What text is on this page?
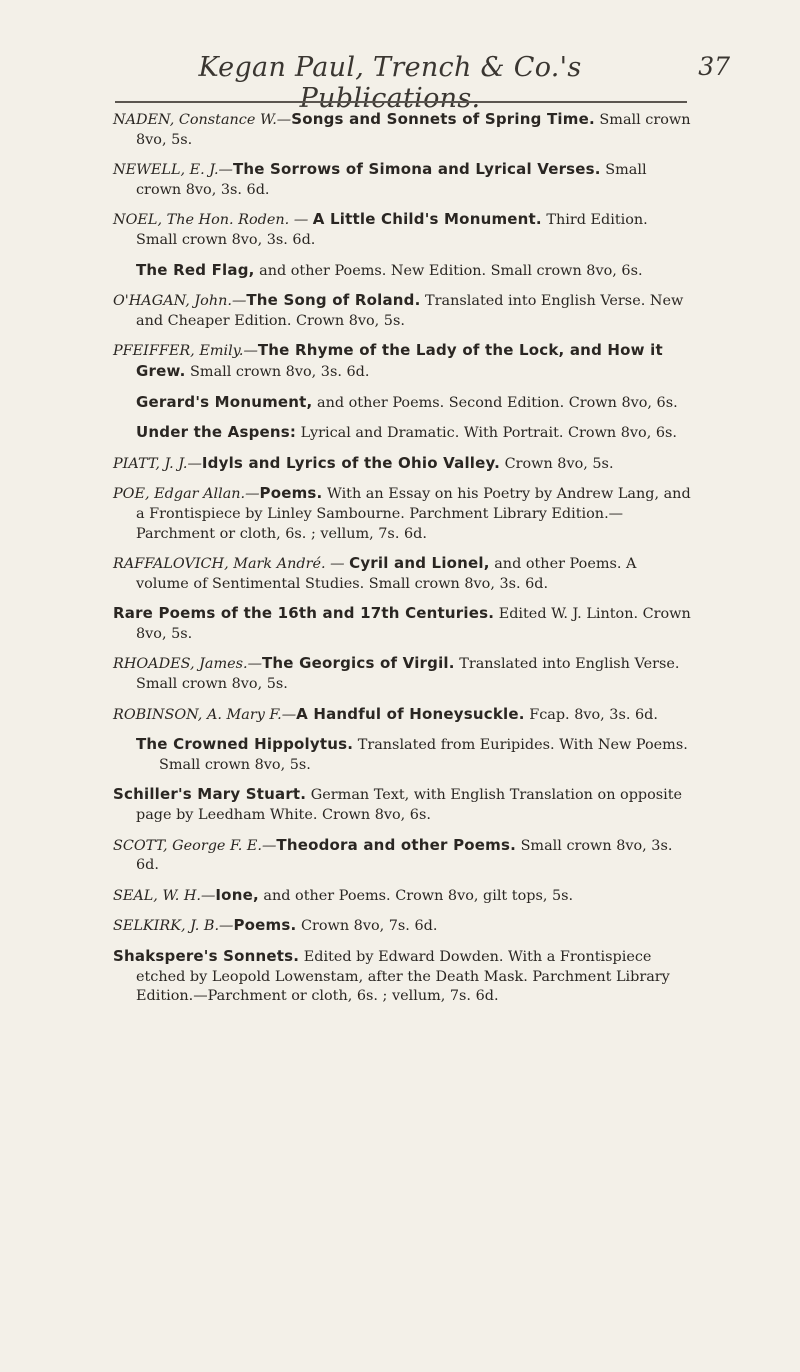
Kegan Paul, Trench & Co.'s Publications.
37
NADEN, Constance W.—Songs and Sonnets of Spring Time. Small crown 8vo, 5s.
NEWELL, E. J.—The Sorrows of Simona and Lyrical Verses. Small crown 8vo, 3s. 6d.
NOEL, The Hon. Roden. — A Little Child's Monument. Third Edition. Small crown 8vo, 3s. 6d.
The Red Flag, and other Poems. New Edition. Small crown 8vo, 6s.
O'HAGAN, John.—The Song of Roland. Translated into English Verse. New and Cheaper Edition. Crown 8vo, 5s.
PFEIFFER, Emily.—The Rhyme of the Lady of the Lock, and How it Grew. Small crown 8vo, 3s. 6d.
Gerard's Monument, and other Poems. Second Edition. Crown 8vo, 6s.
Under the Aspens: Lyrical and Dramatic. With Portrait. Crown 8vo, 6s.
PIATT, J. J.—Idyls and Lyrics of the Ohio Valley. Crown 8vo, 5s.
POE, Edgar Allan.—Poems. With an Essay on his Poetry by Andrew Lang, and a Frontispiece by Linley Sambourne. Parchment Library Edition.—Parchment or cloth, 6s. ; vellum, 7s. 6d.
RAFFALOVICH, Mark André. — Cyril and Lionel, and other Poems. A volume of Sentimental Studies. Small crown 8vo, 3s. 6d.
Rare Poems of the 16th and 17th Centuries. Edited W. J. Linton. Crown 8vo, 5s.
RHOADES, James.—The Georgics of Virgil. Translated into English Verse. Small crown 8vo, 5s.
ROBINSON, A. Mary F.—A Handful of Honeysuckle. Fcap. 8vo, 3s. 6d.
The Crowned Hippolytus. Translated from Euripides. With New Poems. Small crown 8vo, 5s.
Schiller's Mary Stuart. German Text, with English Translation on opposite page by Leedham White. Crown 8vo, 6s.
SCOTT, George F. E.—Theodora and other Poems. Small crown 8vo, 3s. 6d.
SEAL, W. H.—Ione, and other Poems. Crown 8vo, gilt tops, 5s.
SELKIRK, J. B.—Poems. Crown 8vo, 7s. 6d.
Shakspere's Sonnets. Edited by Edward Dowden. With a Frontispiece etched by Leopold Lowenstam, after the Death Mask. Parchment Library Edition.—Parchment or cloth, 6s. ; vellum, 7s. 6d.
